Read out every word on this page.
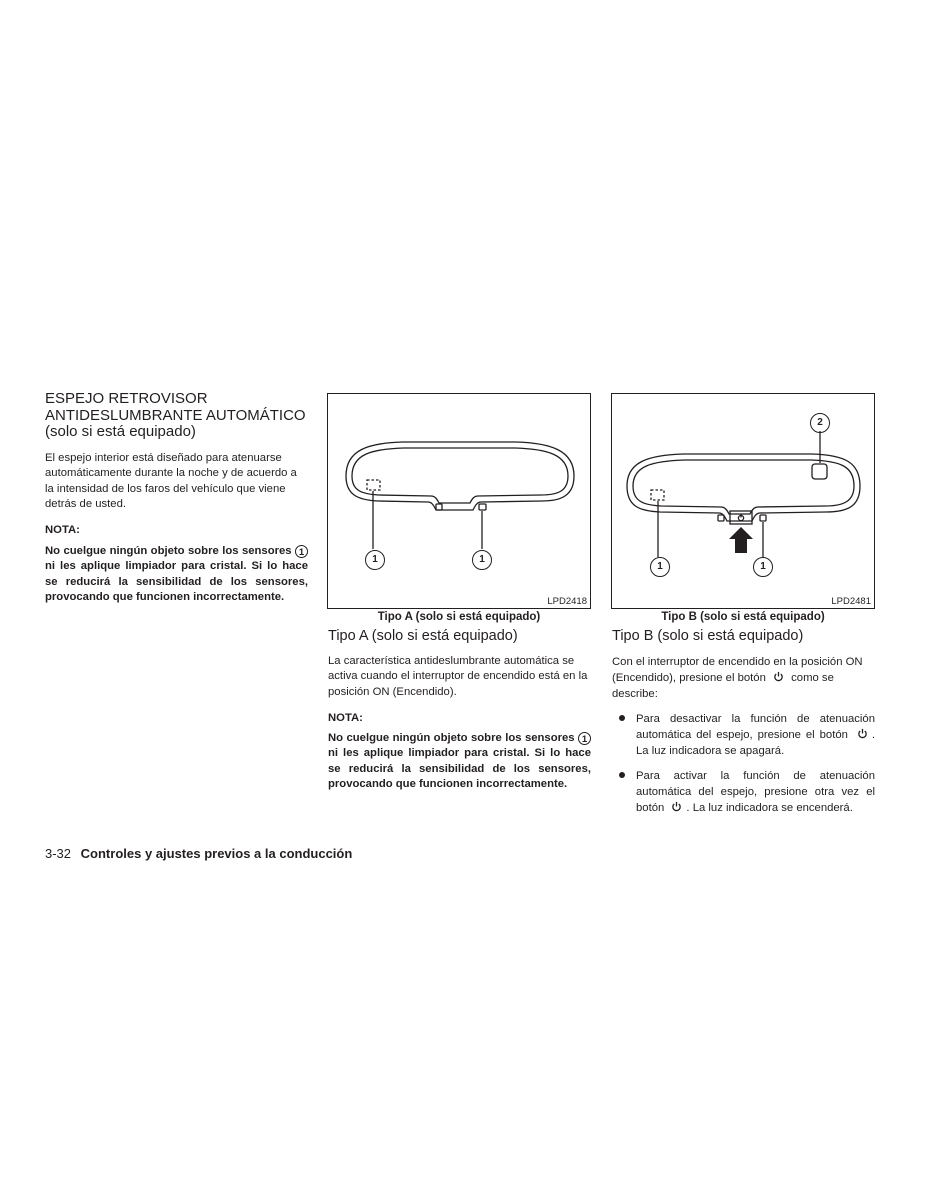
ESPEJO RETROVISOR ANTIDESLUMBRANTE AUTOMÁTICO (solo si está equipado)

El espejo interior está diseñado para atenuarse automáticamente durante la noche y de acuerdo a la intensidad de los faros del vehículo que viene detrás de usted.

NOTA:

No cuelgue ningún objeto sobre los sensores 1 ni les aplique limpiador para cristal. Si lo hace se reducirá la sensibilidad de los sensores, provocando que funcionen incorrectamente.

1	1
LPD2418
Tipo A (solo si está equipado)
2
1	1
LPD2481
Tipo B (solo si está equipado)
Tipo A (solo si está equipado)

La característica antideslumbrante automática se activa cuando el interruptor de encendido está en la posición ON (Encendido).

NOTA:

No cuelgue ningún objeto sobre los sensores 1 ni les aplique limpiador para cristal. Si lo hace se reducirá la sensibilidad de los sensores, provocando que funcionen incorrectamente.

Tipo B (solo si está equipado)

Con el interruptor de encendido en la posición ON (Encendido), presione el botón como se describe:

Para desactivar la función de atenuación automática del espejo, presione el botón . La luz indicadora se apagará.
Para activar la función de atenuación automática del espejo, presione otra vez el botón . La luz indicadora se encenderá.
3-32 Controles y ajustes previos a la conducción
